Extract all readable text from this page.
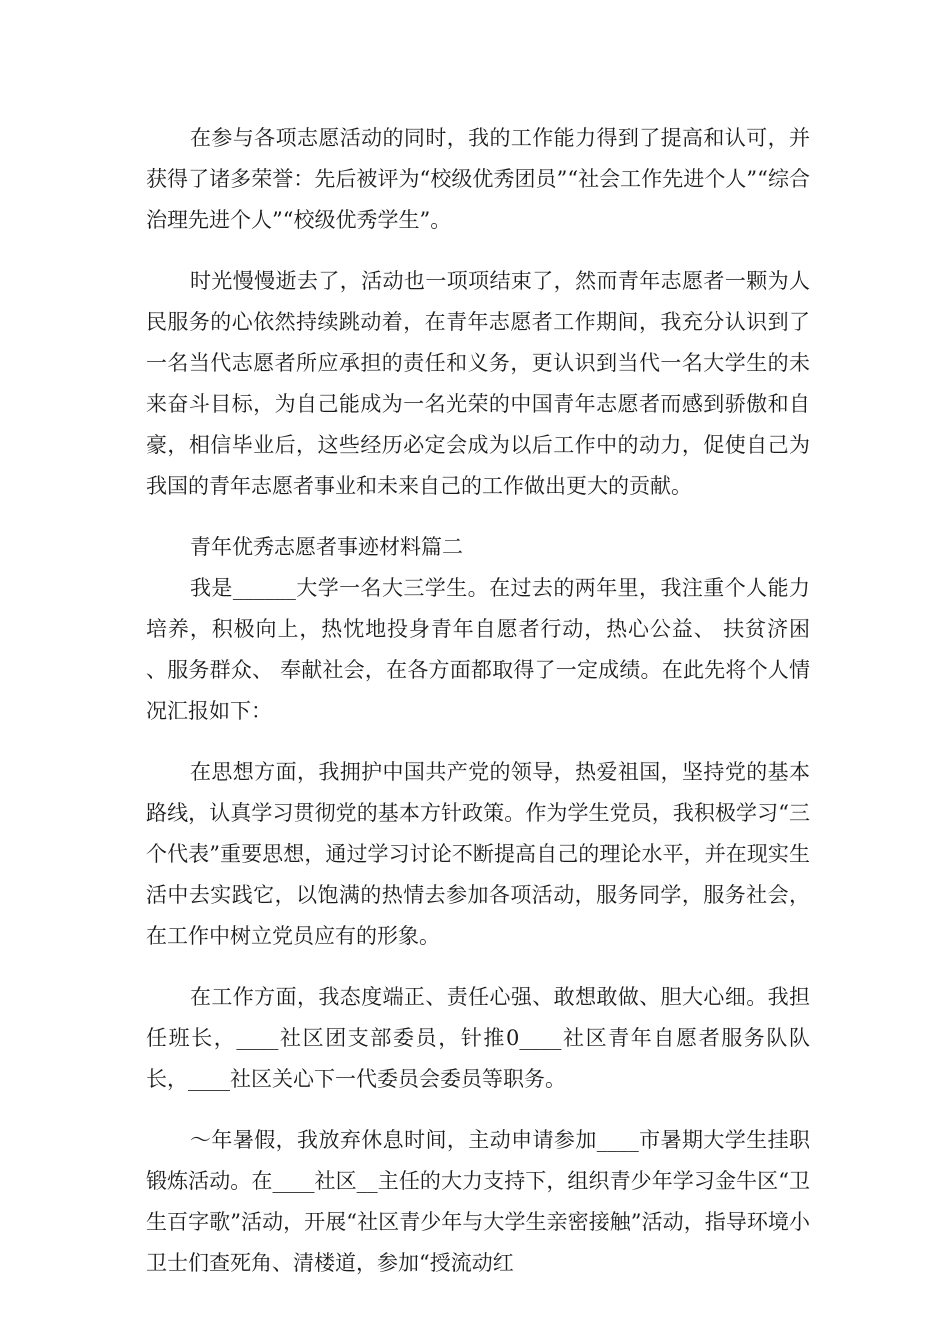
在参与各项志愿活动的同时，我的工作能力得到了提高和认可，并获得了诸多荣誉：先后被评为“校级优秀团员”“社会工作先进个人”“综合治理先进个人”“校级优秀学生”。

时光慢慢逝去了，活动也一项项结束了，然而青年志愿者一颗为人民服务的心依然持续跳动着，在青年志愿者工作期间，我充分认识到了一名当代志愿者所应承担的责任和义务，更认识到当代一名大学生的未来奋斗目标，为自己能成为一名光荣的中国青年志愿者而感到骄傲和自豪，相信毕业后，这些经历必定会成为以后工作中的动力，促使自己为我国的青年志愿者事业和未来自己的工作做出更大的贡献。

青年优秀志愿者事迹材料篇二

我是______大学一名大三学生。在过去的两年里，我注重个人能力培养，积极向上，热忱地投身青年自愿者行动，热心公益、 扶贫济困 、服务群众、 奉献社会，在各方面都取得了一定成绩。在此先将个人情况汇报如下：

在思想方面，我拥护中国共产党的领导，热爱祖国，坚持党的基本路线，认真学习贯彻党的基本方针政策。作为学生党员，我积极学习“三个代表”重要思想，通过学习讨论不断提高自己的理论水平，并在现实生活中去实践它，以饱满的热情去参加各项活动，服务同学，服务社会，在工作中树立党员应有的形象。

在工作方面，我态度端正、责任心强、敢想敢做、胆大心细。我担任班长，____社区团支部委员，针推0____社区青年自愿者服务队队长，____社区关心下一代委员会委员等职务。

～年暑假，我放弃休息时间，主动申请参加____市暑期大学生挂职锻炼活动。在____社区__主任的大力支持下，组织青少年学习金牛区“卫生百字歌”活动，开展“社区青少年与大学生亲密接触”活动，指导环境小卫士们查死角、清楼道，参加“授流动红
